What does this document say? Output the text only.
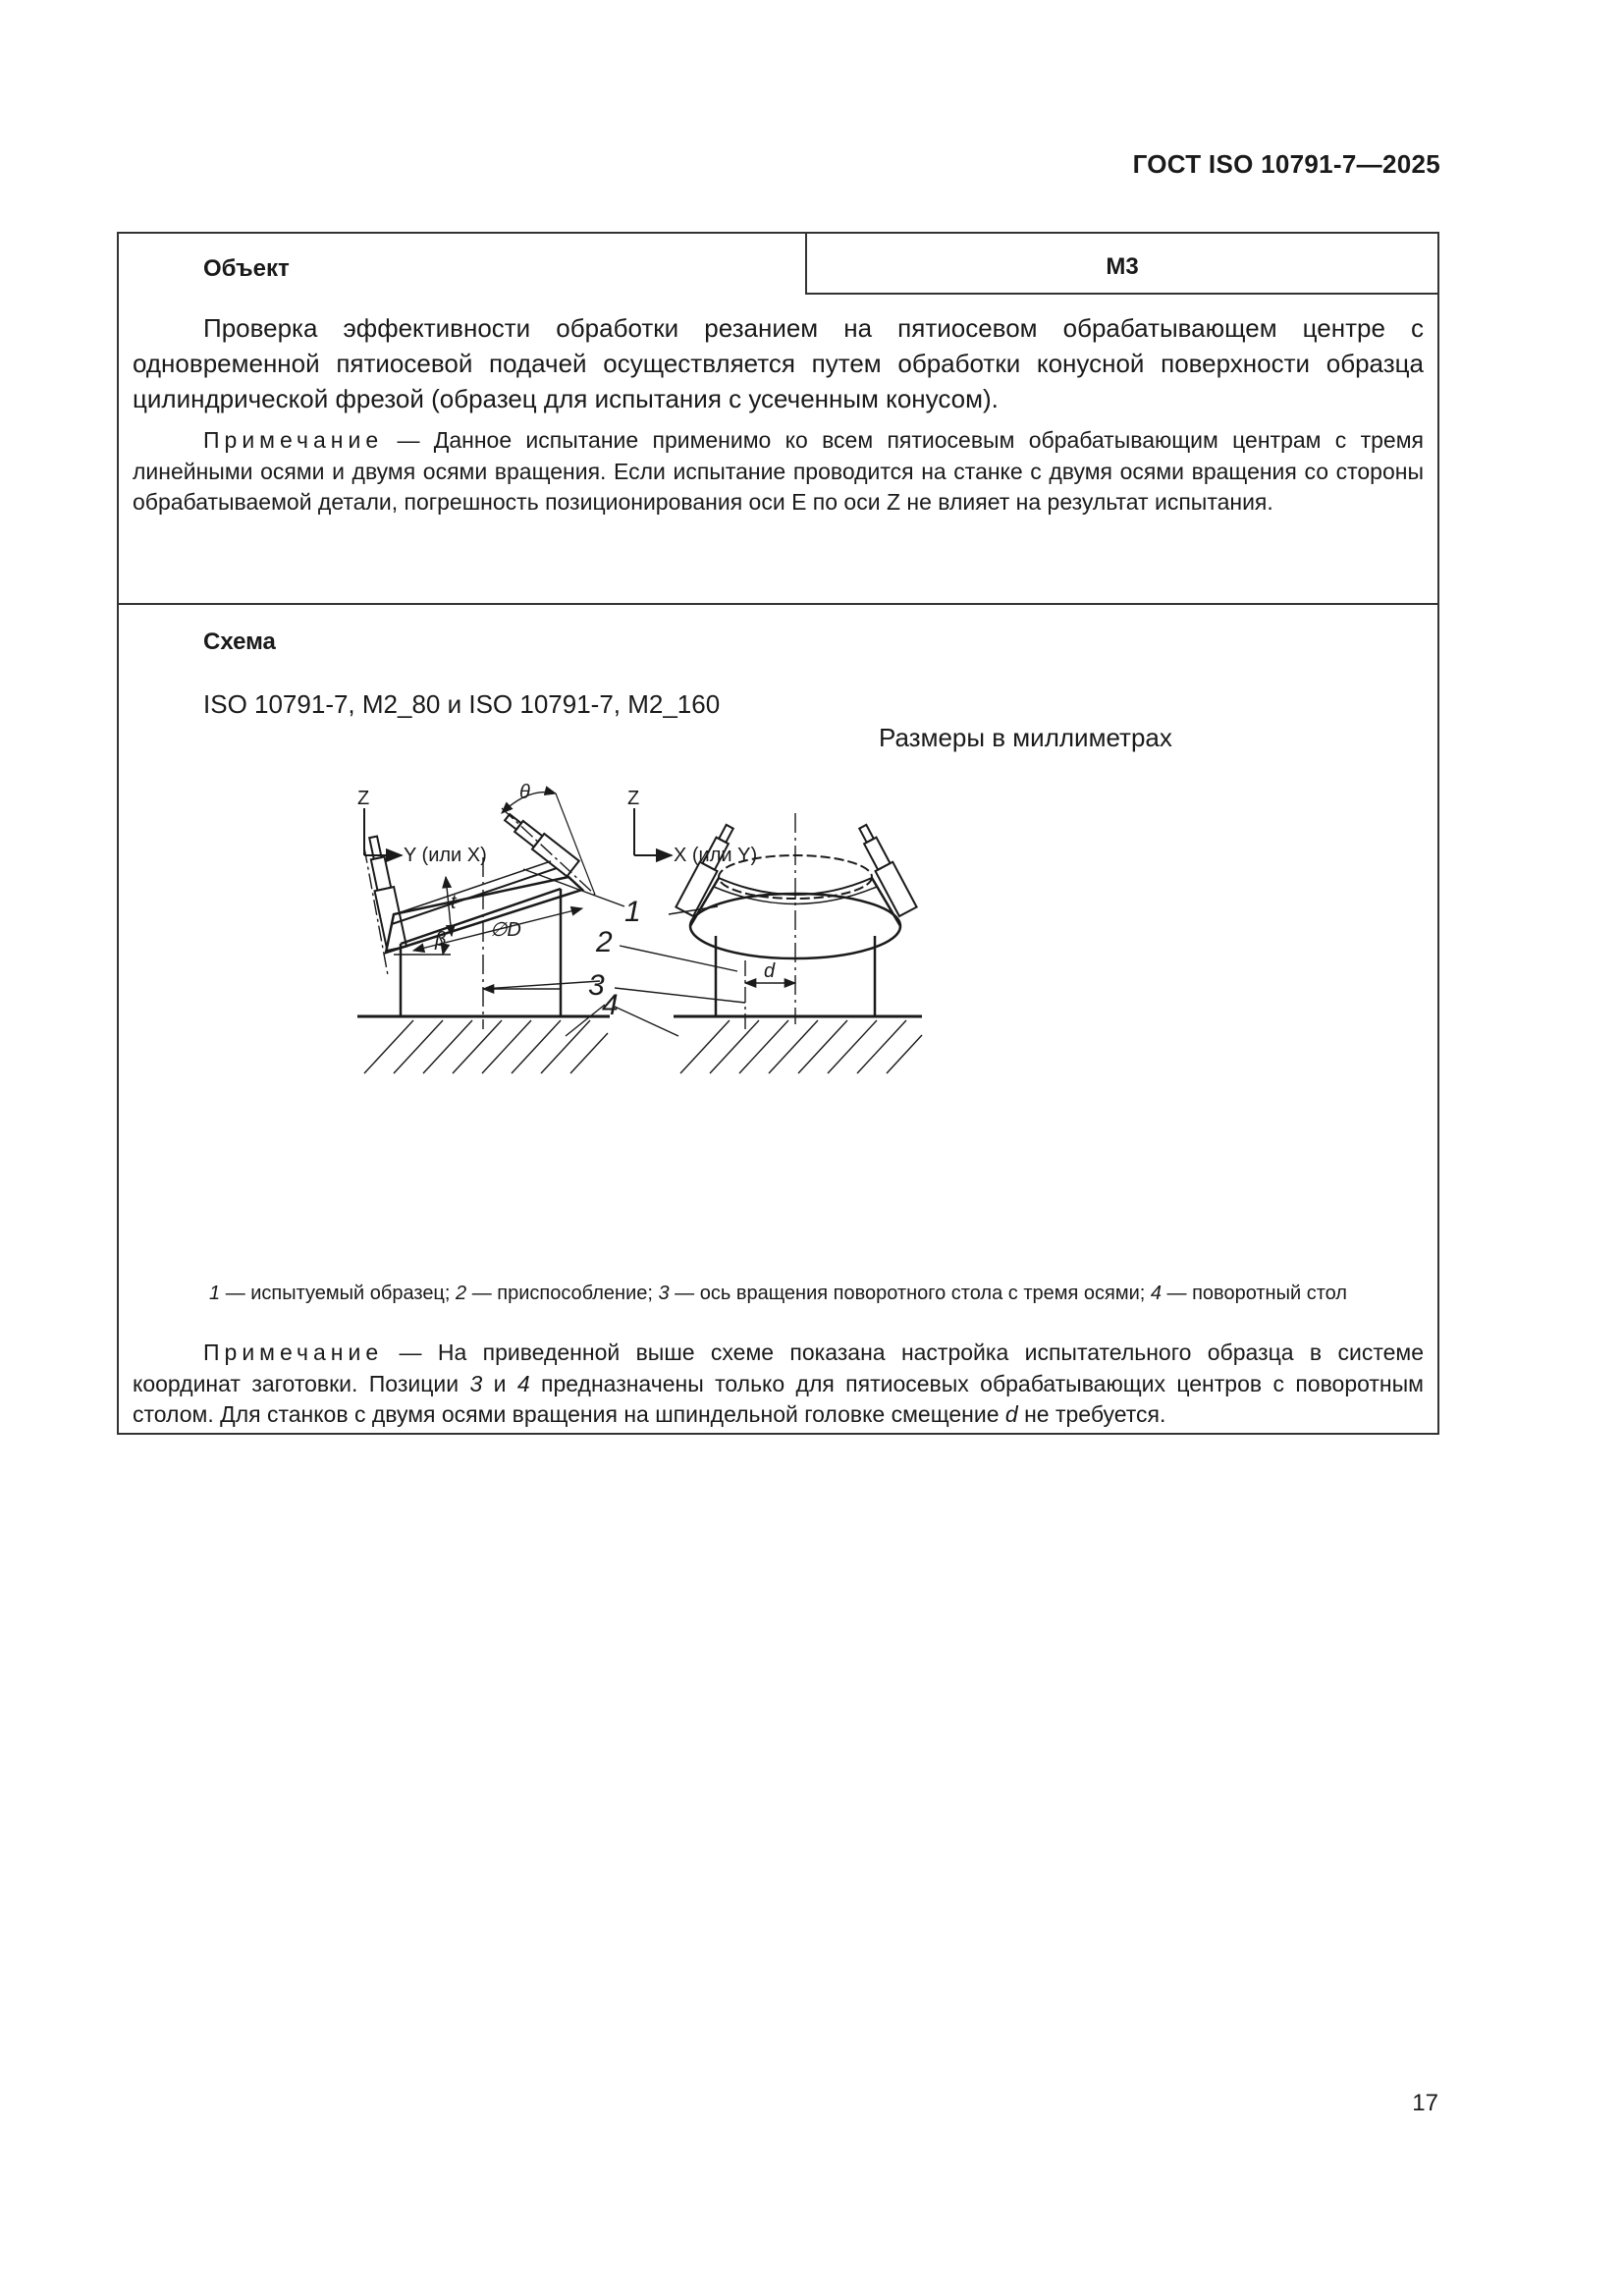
ГОСТ ISO 10791-7—2025
Объект	М3
Проверка эффективности обработки резанием на пятиосевом обрабатывающем центре с одновременной пятиосевой подачей осуществляется путем обработки конусной поверхности образца цилиндрической фрезой (образец для испытания с усеченным конусом).
Примечание — Данное испытание применимо ко всем пятиосевым обрабатывающим центрам с тремя линейными осями и двумя осями вращения. Если испытание проводится на станке с двумя осями вращения со стороны обрабатываемой детали, погрешность позиционирования оси Е по оси Z не влияет на результат испытания.
Схема
ISO 10791-7, M2_80 и ISO 10791-7, M2_160
Размеры в миллиметрах
Z
Y (или X)
Z
X (или Y)
θ
t
β ∅D
d
1
2
3
4
1 — испытуемый образец; 2 — приспособление; 3 — ось вращения поворотного стола с тремя осями; 4 — поворотный стол
Примечание — На приведенной выше схеме показана настройка испытательного образца в системе координат заготовки. Позиции 3 и 4 предназначены только для пятиосевых обрабатывающих центров с поворотным столом. Для станков с двумя осями вращения на шпиндельной головке смещение d не требуется.
17
